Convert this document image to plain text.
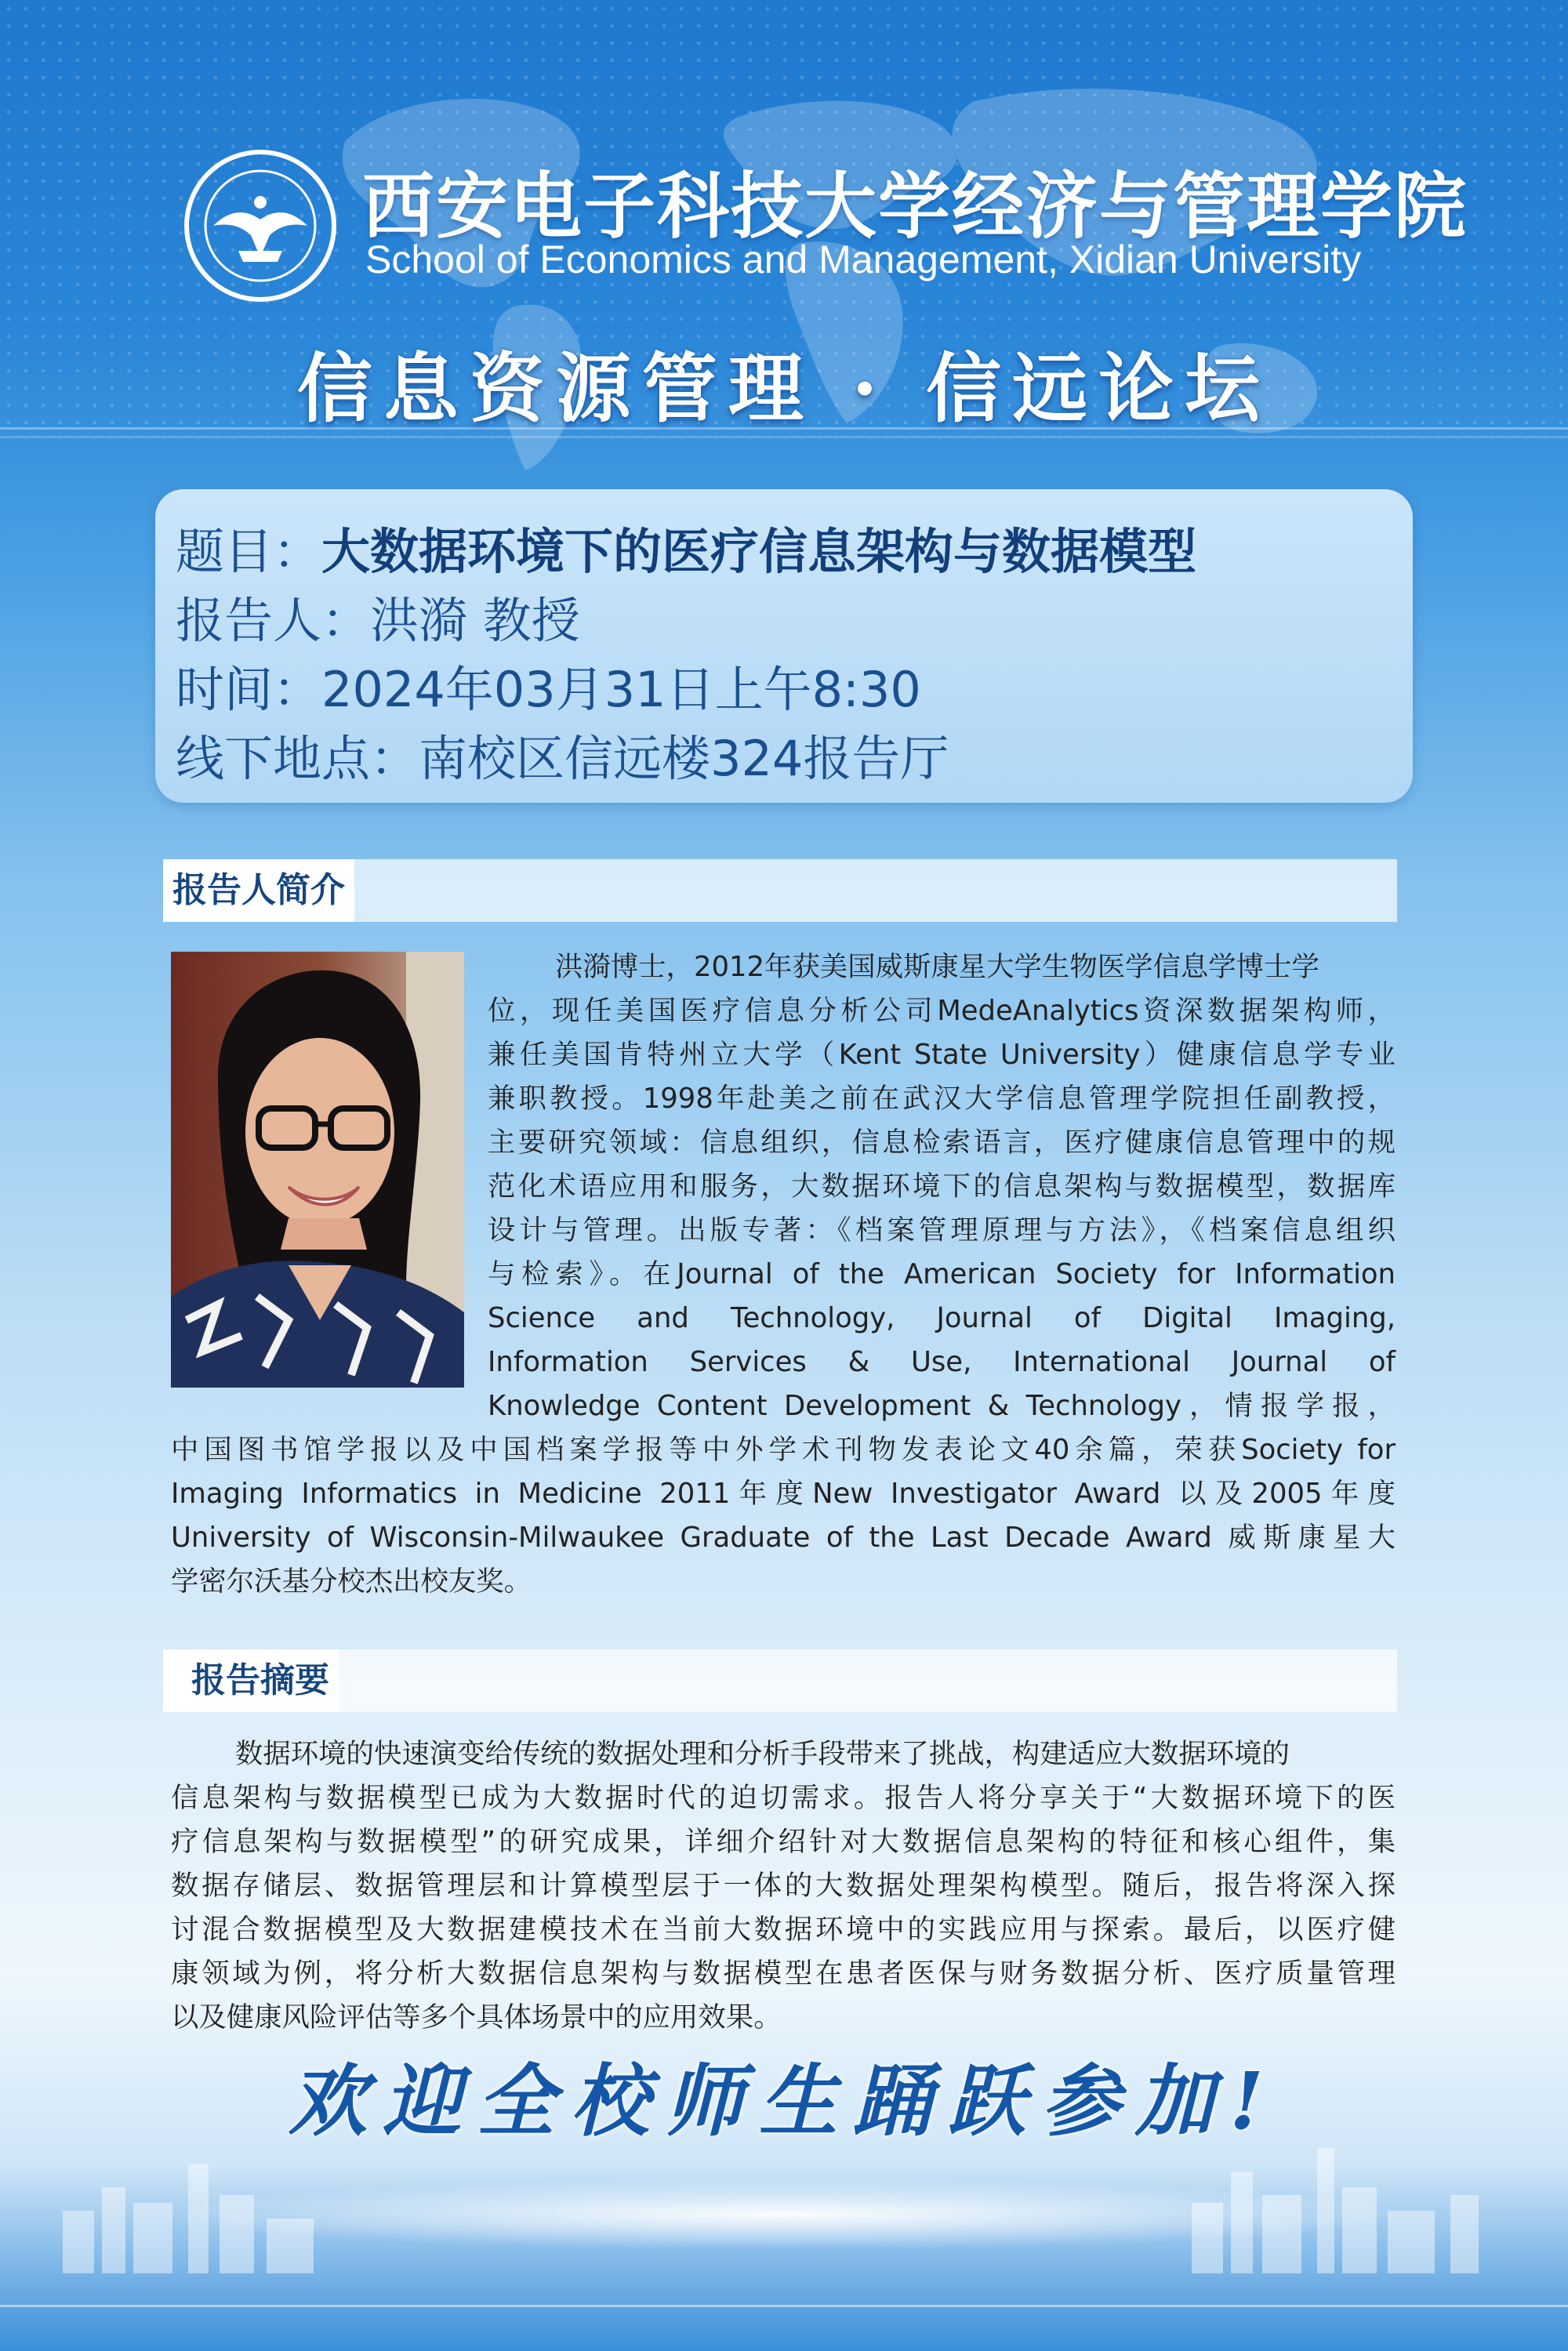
西安电子科技大学经济与管理学院
School of Economics and Management, Xidian University
信息资源管理 · 信远论坛
题目：大数据环境下的医疗信息架构与数据模型
报告人：洪漪 教授
时间：2024年03月31日上午8:30
线下地点：南校区信远楼324报告厅
报告人简介
洪漪博士，2012年获美国威斯康星大学生物医学信息学博士学
位，现任美国医疗信息分析公司MedeAnalytics资深数据架构师，
兼任美国肯特州立大学（Kent State University）健康信息学专业
兼职教授。1998年赴美之前在武汉大学信息管理学院担任副教授，
主要研究领域：信息组织，信息检索语言，医疗健康信息管理中的规
范化术语应用和服务，大数据环境下的信息架构与数据模型，数据库
设计与管理。出版专著：《档案管理原理与方法》，《档案信息组织
与检索》。在Journal of the American Society for Information
Science and Technology, Journal of Digital Imaging,
Information Services & Use, International Journal of
Knowledge Content Development & Technology，情报学报，
中国图书馆学报以及中国档案学报等中外学术刊物发表论文40余篇，荣获Society for
Imaging Informatics in Medicine 2011年度New Investigator Award 以及2005年度
University of Wisconsin-Milwaukee Graduate of the Last Decade Award 威斯康星大
学密尔沃基分校杰出校友奖。
报告摘要
数据环境的快速演变给传统的数据处理和分析手段带来了挑战，构建适应大数据环境的
信息架构与数据模型已成为大数据时代的迫切需求。报告人将分享关于“大数据环境下的医
疗信息架构与数据模型”的研究成果，详细介绍针对大数据信息架构的特征和核心组件，集
数据存储层、数据管理层和计算模型层于一体的大数据处理架构模型。随后，报告将深入探
讨混合数据模型及大数据建模技术在当前大数据环境中的实践应用与探索。最后，以医疗健
康领域为例，将分析大数据信息架构与数据模型在患者医保与财务数据分析、医疗质量管理
以及健康风险评估等多个具体场景中的应用效果。
欢迎全校师生踊跃参加!
